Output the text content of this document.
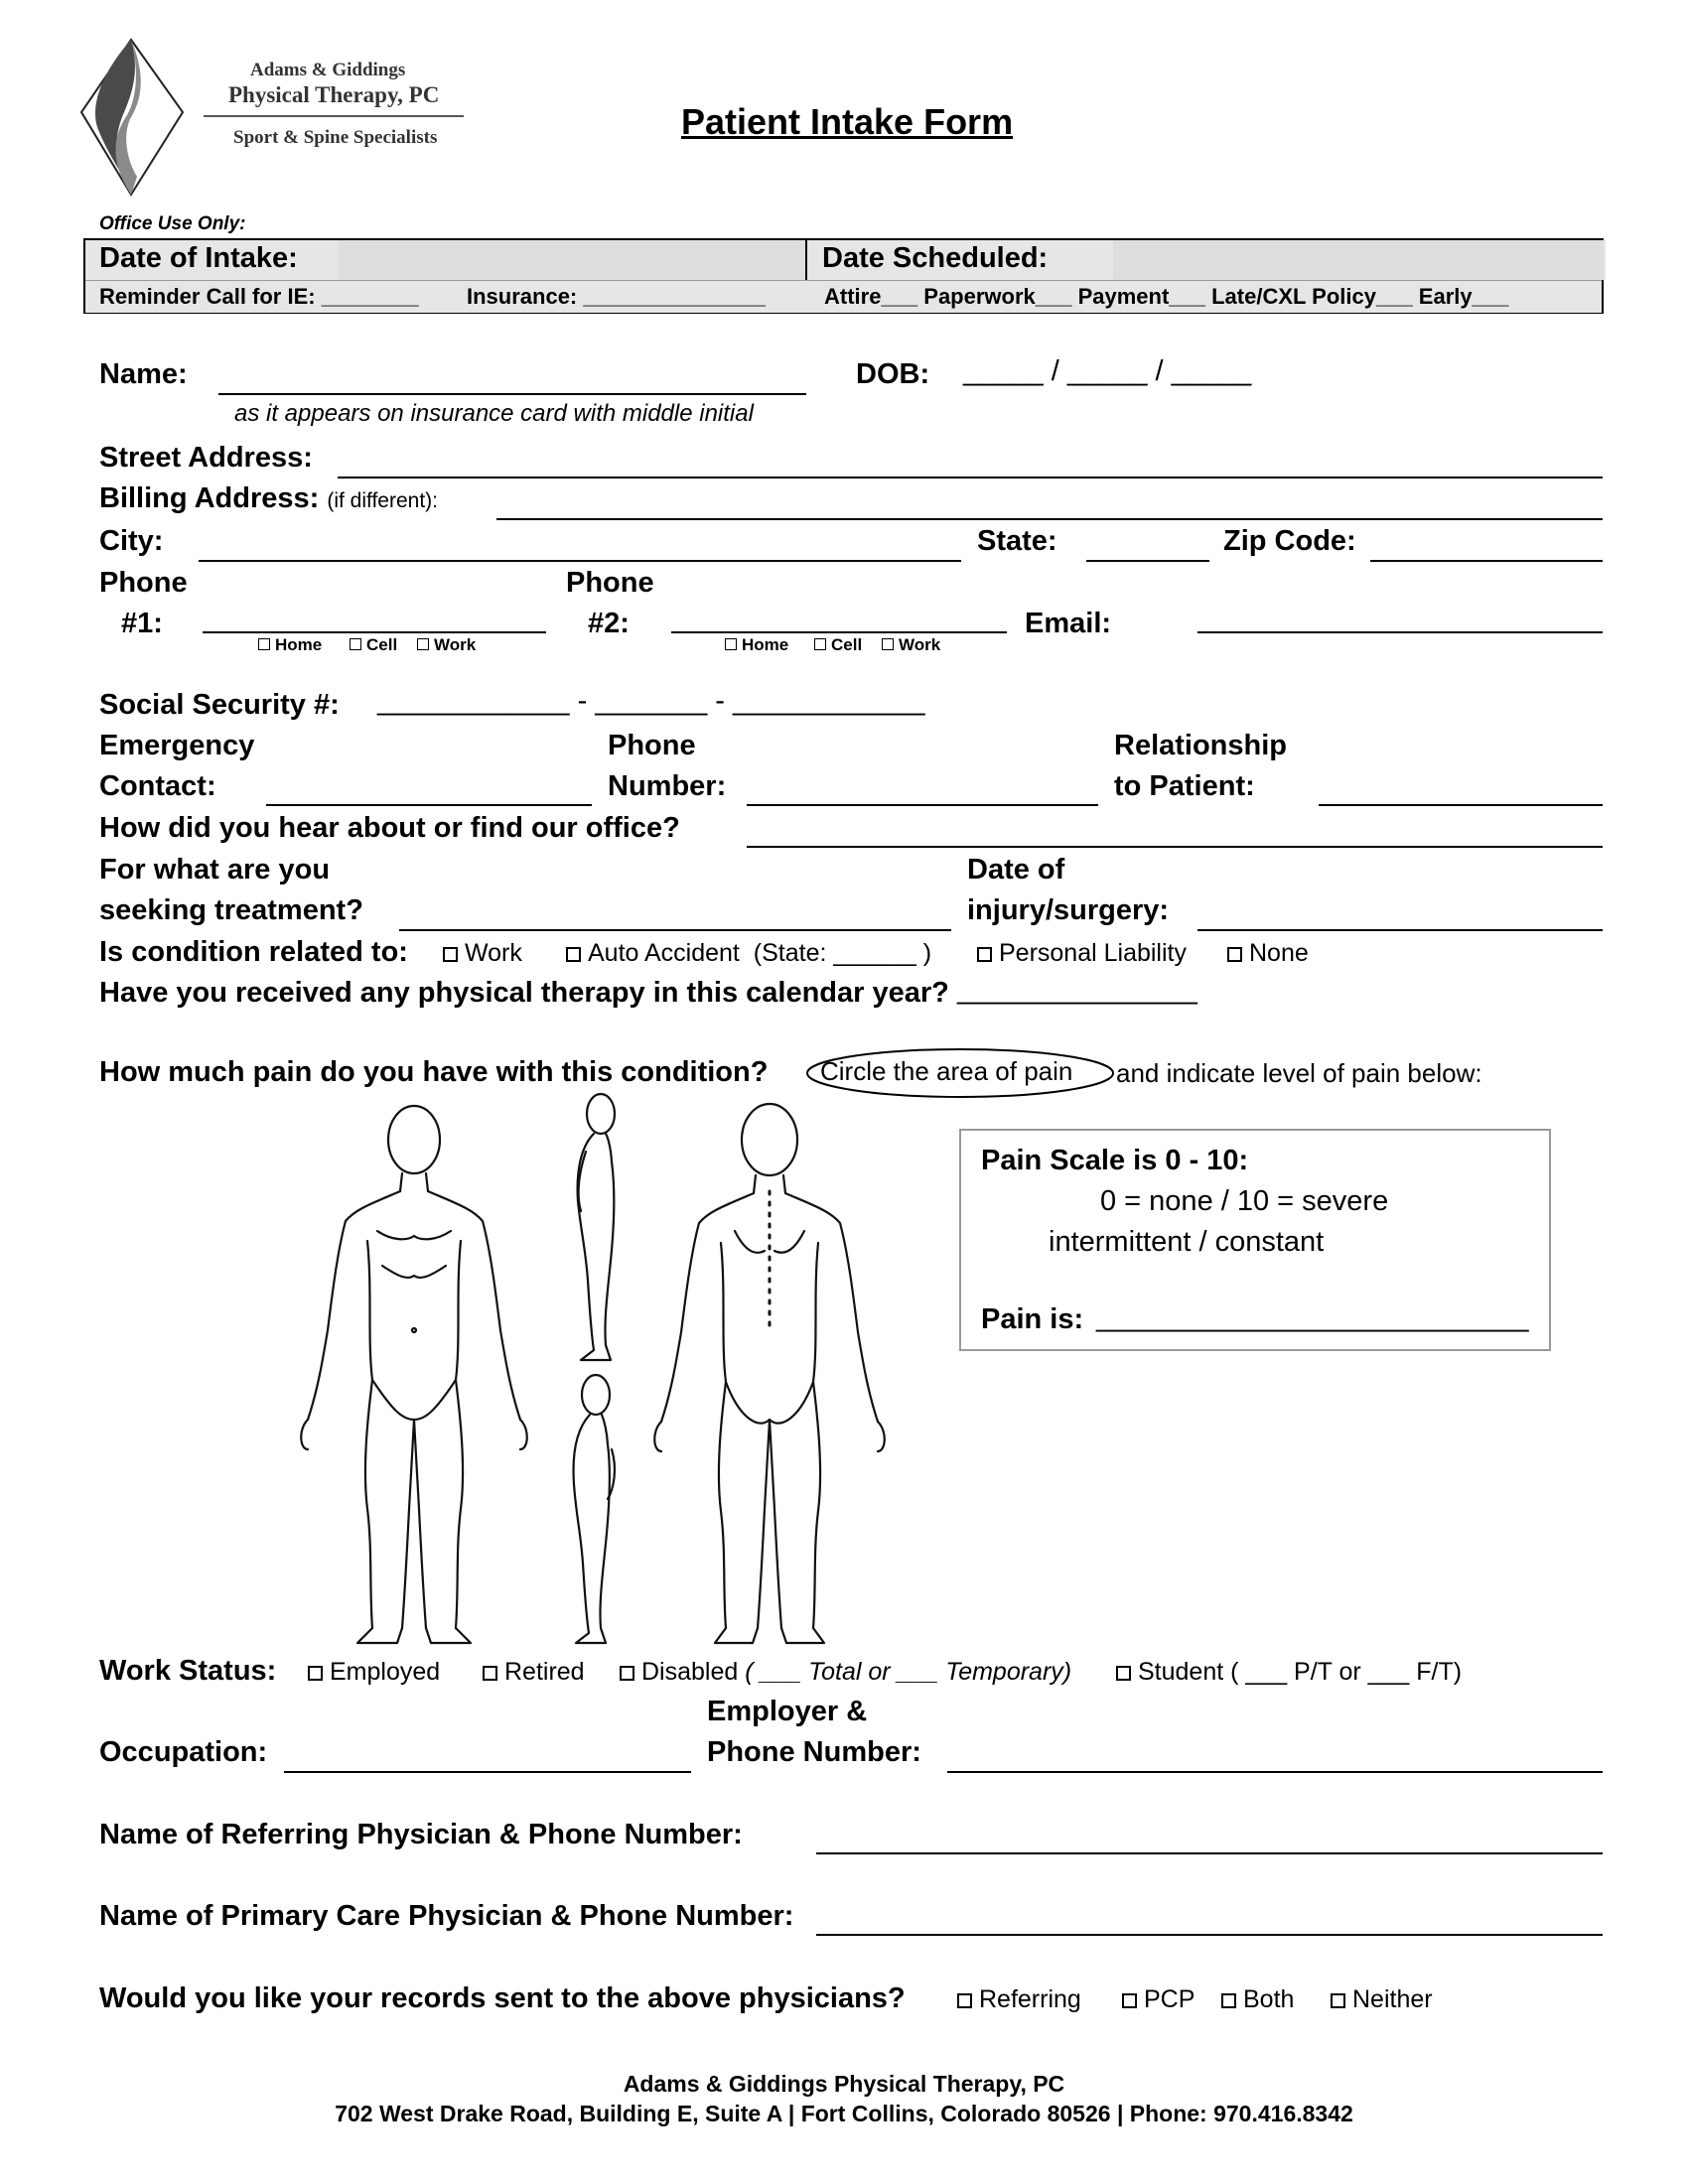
Adams & Giddings
Physical Therapy, PC
Sport & Spine Specialists	Patient Intake Form
Office Use Only:
Date of Intake:	Date Scheduled:
Reminder Call for IE: ________ Insurance: _______________	Attire___ Paperwork___ Payment___ Late/CXL Policy___ Early___
Name:
as it appears on insurance card with middle initial
DOB: _____ / _____ / _____
Street Address:
Billing Address: (if different):
City:	State:	Zip Code:
Phone
#1:
Home	Cell	Work
Phone
#2:
Home	Cell	Work
Email:
Social Security #: ____________ - _______ - ____________
Emergency
Contact:
Phone
Number:
Relationship
to Patient:
How did you hear about or find our office?
For what are you
seeking treatment?
Date of
injury/surgery:
Is condition related to:	Work	Auto Accident  (State: ______ )	Personal Liability	None
Have you received any physical therapy in this calendar year? _______________
How much pain do you have with this condition? Circle the area of pain and indicate level of pain below:
Pain Scale is 0 - 10:
0 = none / 10 = severe
intermittent / constant
Pain is: ___________________________
Work Status:	Employed	Retired	Disabled ( ___ Total or ___ Temporary)	Student ( ___ P/T or ___ F/T)
Occupation:
Employer &
Phone Number:
Name of Referring Physician & Phone Number:
Name of Primary Care Physician & Phone Number:
Would you like your records sent to the above physicians?	Referring	PCP	Both	Neither
Adams & Giddings Physical Therapy, PC
702 West Drake Road, Building E, Suite A | Fort Collins, Colorado 80526 | Phone: 970.416.8342
